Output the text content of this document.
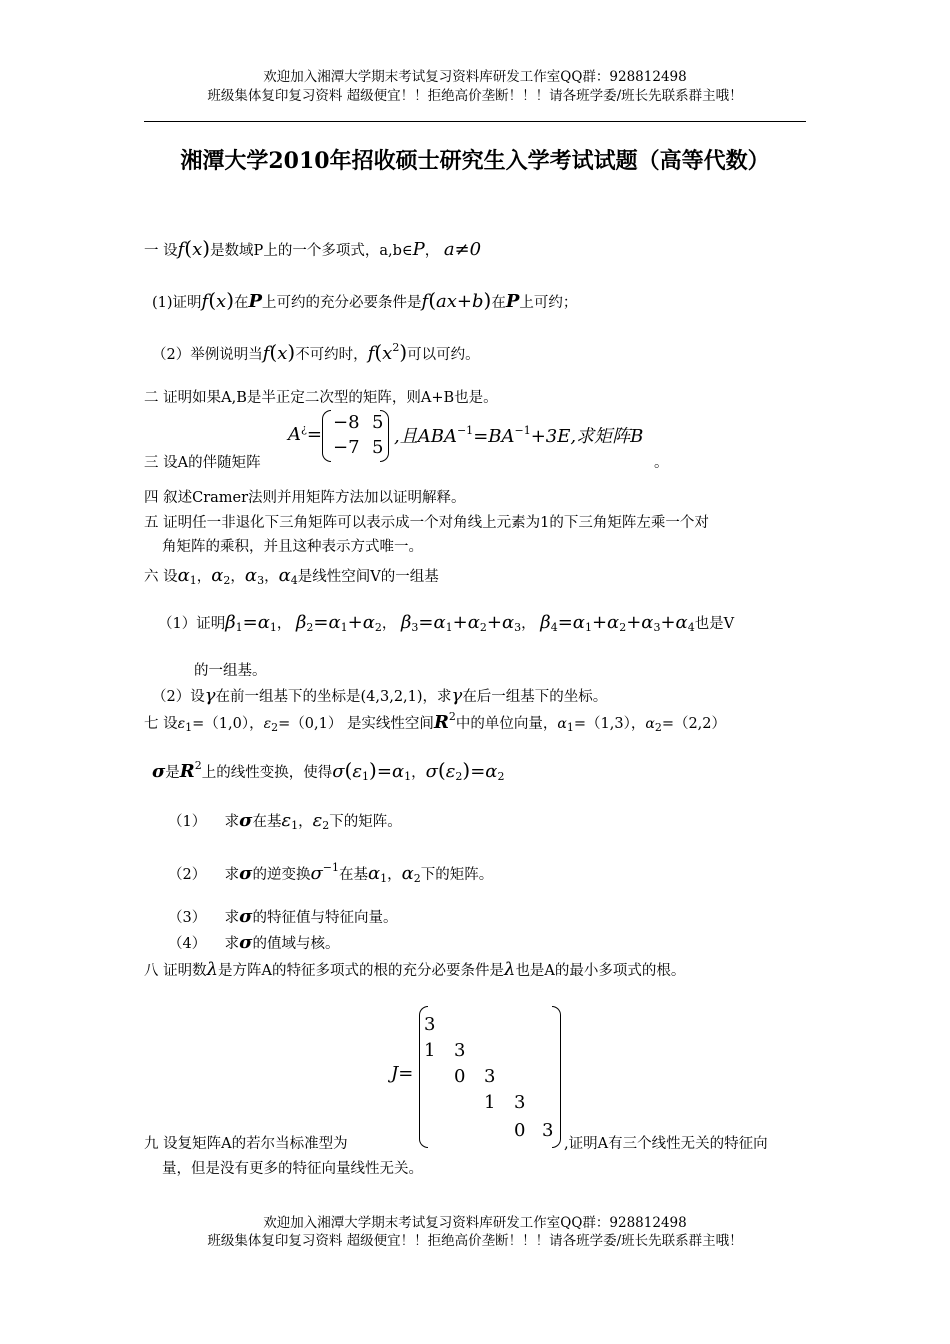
欢迎加入湘潭大学期末考试复习资料库研发工作室QQ群：928812498
班级集体复印复习资料 超级便宜！！拒绝高价垄断！！！请各班学委/班长先联系群主哦！
湘潭大学2010年招收硕士研究生入学考试试题（高等代数）
一 设f(x)是数域P上的一个多项式，a,b∈P， a≠0
(1)证明f(x)在P上可约的充分必要条件是f(ax+b)在P上可约；
（2）举例说明当f(x)不可约时，$f(x^2)$可以可约。
二 证明如果A,B是半正定二次型的矩阵，则A+B也是。
三 设A的伴随矩阵
A¿=
−8 5
−7 5
,且$ABA^{-1}=BA^{-1}+3E$,求矩阵B
。
四 叙述Cramer法则并用矩阵方法加以证明解释。
五 证明任一非退化下三角矩阵可以表示成一个对角线上元素为1的下三角矩阵左乘一个对
角矩阵的乘积，并且这种表示方式唯一。
六 设$\alpha_1$，$\alpha_2$，$\alpha_3$，$\alpha_4$是线性空间V的一组基
（1）证明$\beta_1=\alpha_1$， $\beta_2=\alpha_1+\alpha_2$， $\beta_3=\alpha_1+\alpha_2+\alpha_3$， $\beta_4=\alpha_1+\alpha_2+\alpha_3+\alpha_4$也是V
的一组基。
（2）设γ在前一组基下的坐标是(4,3,2,1)，求γ在后一组基下的坐标。
七 设$\varepsilon_1=(1,0)$，$\varepsilon_2=(0,1)$ 是实线性空间$R^2$中的单位向量，$\alpha_1=(1,3)$，$\alpha_2=(2,2)$
σ是$R^2$上的线性变换，使得$\sigma(\varepsilon_1)=\alpha_1$，$\sigma(\varepsilon_2)=\alpha_2$
（1） 求σ在基$\varepsilon_1$，$\varepsilon_2$下的矩阵。
（2） 求σ的逆变换$\sigma^{-1}$在基$\alpha_1$，$\alpha_2$下的矩阵。
（3） 求σ的特征值与特征向量。
（4） 求σ的值域与核。
八 证明数λ是方阵A的特征多项式的根的充分必要条件是λ也是A的最小多项式的根。
九 设复矩阵A的若尔当标准型为
J=
3
1 3
0 3
1 3
0 3
,证明A有三个线性无关的特征向
量，但是没有更多的特征向量线性无关。
欢迎加入湘潭大学期末考试复习资料库研发工作室QQ群：928812498
班级集体复印复习资料 超级便宜！！拒绝高价垄断！！！请各班学委/班长先联系群主哦！
